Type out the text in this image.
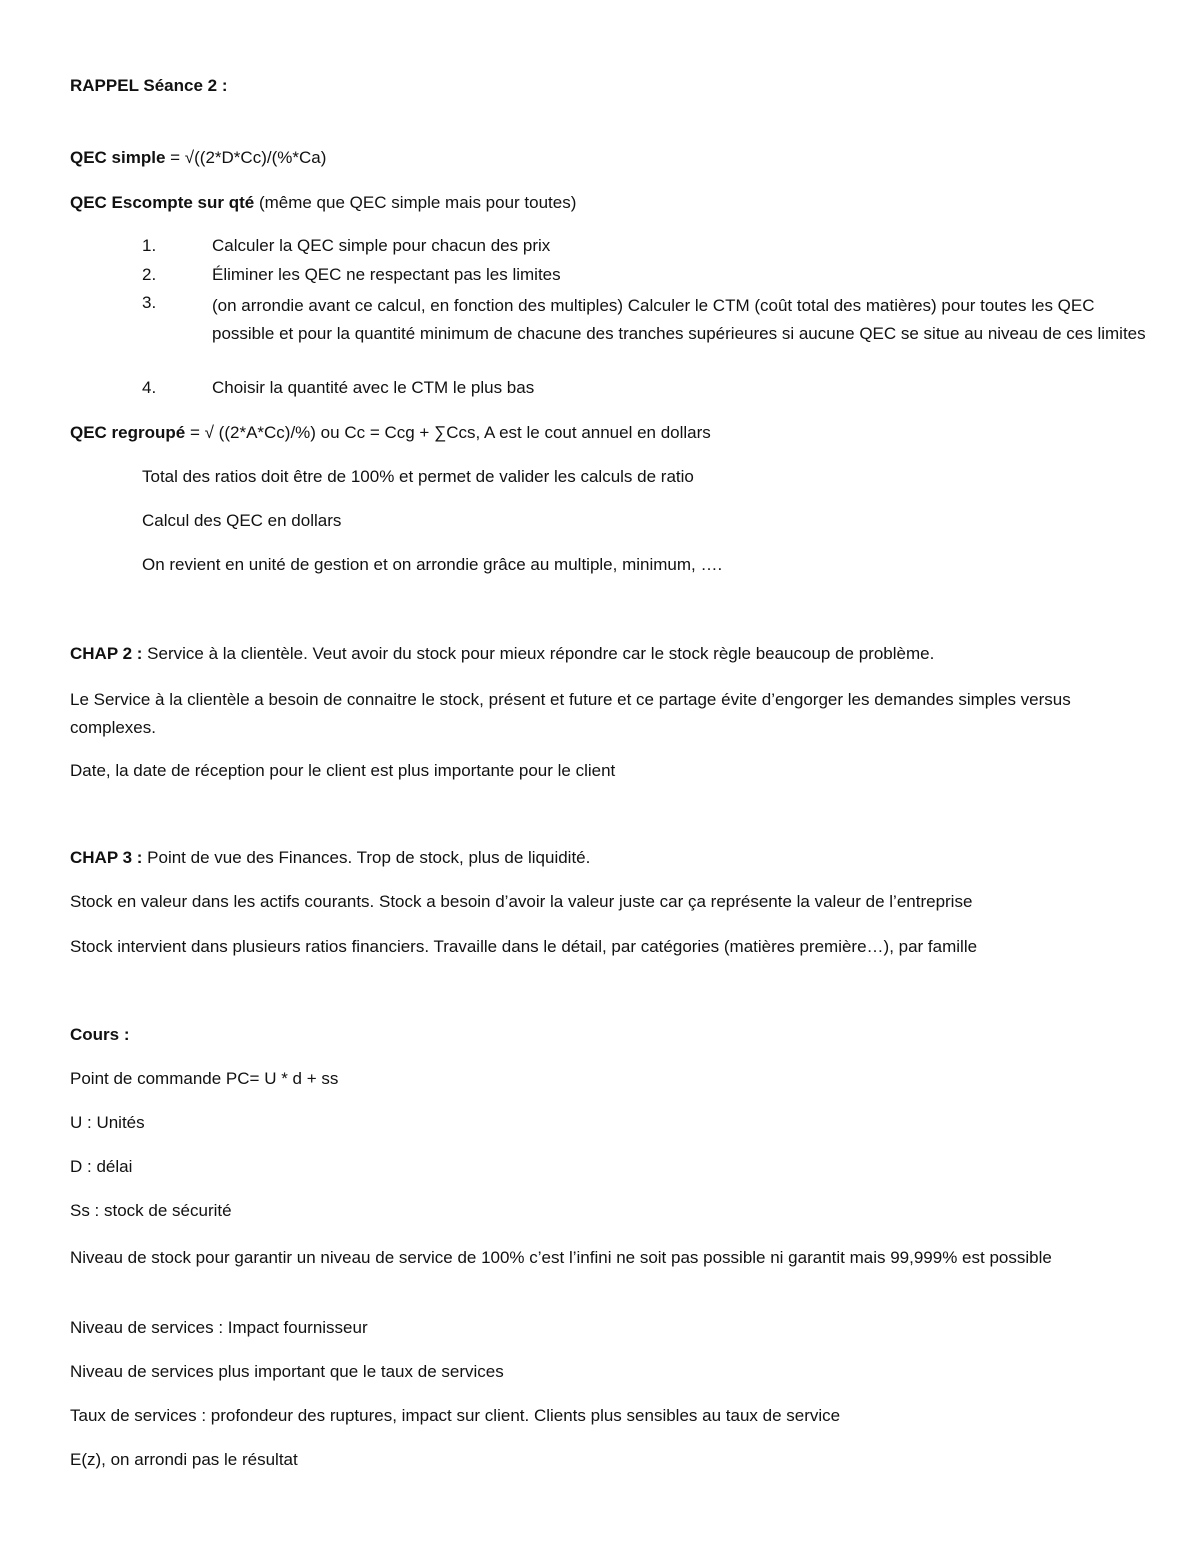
RAPPEL Séance 2 :
QEC simple = √((2*D*Cc)/(%*Ca)
QEC Escompte sur qté (même que QEC simple mais pour toutes)
1.	Calculer la QEC simple pour chacun des prix
2.	Éliminer les QEC ne respectant pas les limites
3.	(on arrondie avant ce calcul, en fonction des multiples) Calculer le CTM (coût total des matières) pour toutes les QEC possible et pour la quantité minimum de chacune des tranches supérieures si aucune QEC se situe au niveau de ces limites
4.	Choisir la quantité avec le CTM le plus bas
QEC regroupé = √ ((2*A*Cc)/%) ou Cc = Ccg + ∑Ccs, A est le cout annuel en dollars
Total des ratios doit être de 100% et permet de valider les calculs de ratio
Calcul des QEC en dollars
On revient en unité de gestion et on arrondie grâce au multiple, minimum, ….
CHAP 2 : Service à la clientèle. Veut avoir du stock pour mieux répondre car le stock règle beaucoup de problème.
Le Service à la clientèle a besoin de connaitre le stock, présent et future et ce partage évite d’engorger les demandes simples versus complexes.
Date, la date de réception pour le client est plus importante pour le client
CHAP 3 : Point de vue des Finances. Trop de stock, plus de liquidité.
Stock en valeur dans les actifs courants. Stock a besoin d’avoir la valeur juste car ça représente la valeur de l’entreprise
Stock intervient dans plusieurs ratios financiers. Travaille dans le détail, par catégories (matières première…), par famille
Cours :
Point de commande PC= U * d + ss
U : Unités
D : délai
Ss : stock de sécurité
Niveau de stock pour garantir un niveau de service de 100% c’est l’infini ne soit pas possible ni garantit mais 99,999% est possible
Niveau de services : Impact fournisseur
Niveau de services plus important que le taux de services
Taux de services : profondeur des ruptures, impact sur client. Clients plus sensibles au taux de service
E(z), on arrondi pas le résultat
